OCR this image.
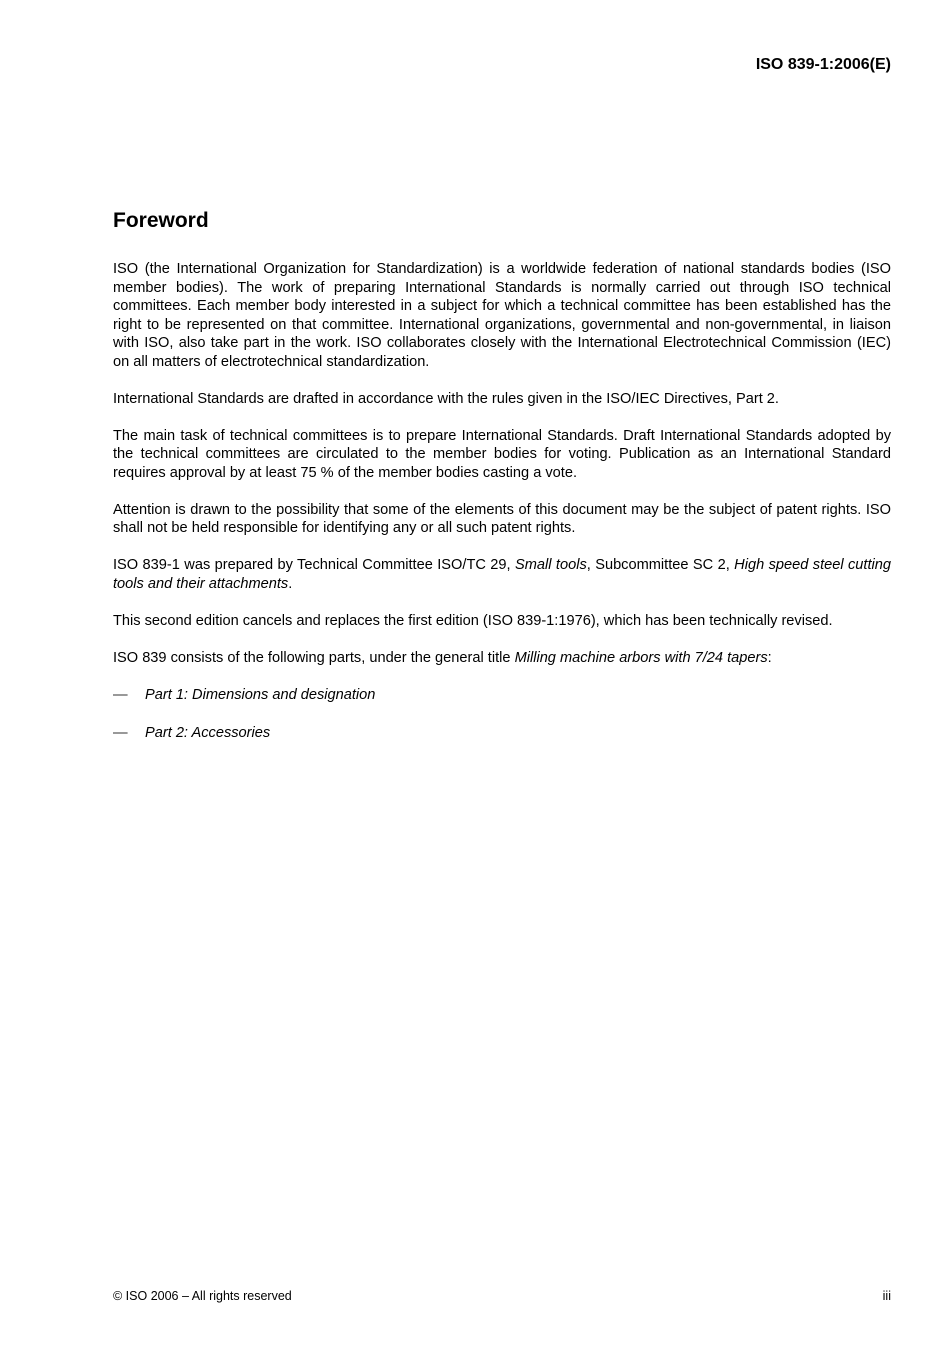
ISO 839-1:2006(E)
Foreword

ISO (the International Organization for Standardization) is a worldwide federation of national standards bodies (ISO member bodies). The work of preparing International Standards is normally carried out through ISO technical committees. Each member body interested in a subject for which a technical committee has been established has the right to be represented on that committee. International organizations, governmental and non-governmental, in liaison with ISO, also take part in the work. ISO collaborates closely with the International Electrotechnical Commission (IEC) on all matters of electrotechnical standardization.

International Standards are drafted in accordance with the rules given in the ISO/IEC Directives, Part 2.

The main task of technical committees is to prepare International Standards. Draft International Standards adopted by the technical committees are circulated to the member bodies for voting. Publication as an International Standard requires approval by at least 75 % of the member bodies casting a vote.

Attention is drawn to the possibility that some of the elements of this document may be the subject of patent rights. ISO shall not be held responsible for identifying any or all such patent rights.

ISO 839-1 was prepared by Technical Committee ISO/TC 29, Small tools, Subcommittee SC 2, High speed steel cutting tools and their attachments.

This second edition cancels and replaces the first edition (ISO 839-1:1976), which has been technically revised.

ISO 839 consists of the following parts, under the general title Milling machine arbors with 7/24 tapers:

—	Part 1: Dimensions and designation
—	Part 2: Accessories
© ISO 2006 – All rights reserved	iii
